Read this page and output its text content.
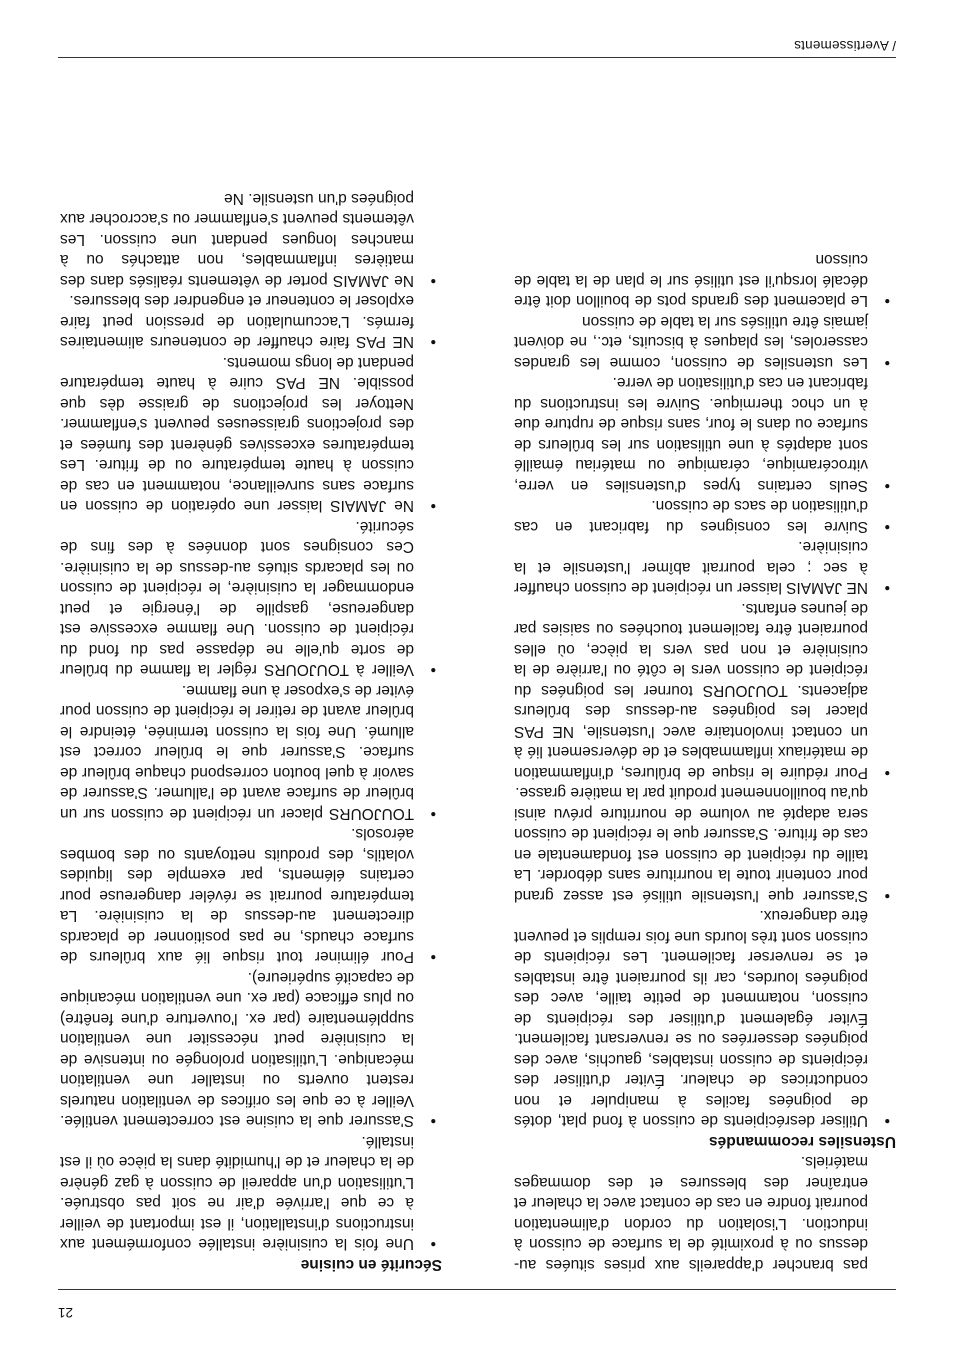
/ Avertissements
21
pas brancher d'appareils aux prises situées au-dessus ou à proximité de la surface de cuisson à induction. L'isolation du cordon d'alimentation pourrait fondre en cas de contact avec la chaleur et entraîner des blessures et des dommages matériels.
Ustensiles recommandés
• Utiliser desrécipients de cuisson à fond plat, dotés de poignées faciles à manipuler et non conductrices de chaleur. Éviter d'utiliser des récipients de cuisson instables, gauchis, avec des poignées desserrées ou se renversant facilement. Éviter également d'utiliser des récipients de cuisson, notamment de petite taille, avec des poignées lourdes, car ils pourraient être instables et se renverser facilement. Les récipients de cuisson sont très lourds une fois remplis et peuvent être dangereux.
• S'assurer que l'ustensile utilisé est assez grand pour contenir toute la nourriture sans déborder. La taille du récipient de cuisson est fondamentale en cas de friture. S'assurer que le récipient de cuisson sera adapté au volume de nourriture prévu ainsi qu'au bouillonnement produit par la matière grasse.
• Pour réduire le risque de brûlures, d'inflammation de matériaux inflammables et de déversement lié à un contact involontaire avec l'ustensile, NE PAS placer les poignées au-dessus des brûleurs adjacents. TOUJOURS tourner les poignées du récipient de cuisson vers le côté ou l'arrière de la cuisinière et non pas vers la pièce, où elles pourraient être facilement touchées ou saisies par de jeunes enfants.
• NE JAMAIS laisser un récipient de cuisson chauffer à sec ; cela pourrait abîmer l'ustensile et la cuisinière.
• Suivre les consignes du fabricant en cas d'utilisation de sacs de cuisson.
• Seuls certains types d'ustensiles en verre, vitrocéramique, céramique ou matériau émaillé sont adaptés à une utilisation sur les brûleurs de surface ou dans le four, sans risque de rupture due à un choc thermique. Suivre les instructions du fabricant en cas d'utilisation de verre.
• Les ustensiles de cuisson, comme les grandes casseroles, les plaques à biscuits, etc., ne doivent jamais être utilisés sur la table de cuisson
• Le placement des grands pots de bouillon doit être décalé lorsqu'il est utilisé sur le plan de la table de cuisson
Sécurité en cuisine
• Une fois la cuisinière installée conformément aux instructions d'installation, il est important de veiller à ce que l'arrivée d'air ne soit pas obstruée. L'utilisation d'un appareil de cuisson à gaz génère de la chaleur et de l'humidité dans la pièce où il est installé.
• S'assurer que la cuisine est correctement ventilée. Veiller à ce que les orifices de ventilation naturels restent ouverts ou installer une ventilation mécanique. L'utilisation prolongée ou intensive de la cuisinière peut nécessiter une ventilation supplémentaire (par ex. l'ouverture d'une fenêtre) ou plus efficace (par ex. une ventilation mécanique de capacité supérieure).
• Pour éliminer tout risque lié aux brûleurs de surface chauds, ne pas positionner de placards directement au-dessus de la cuisinière. La température pourrait se révéler dangereuse pour certains éléments, par exemple des liquides volatils, des produits nettoyants ou des bombes aérosols.
• TOUJOURS placer un récipient de cuisson sur un brûleur de surface avant de l'allumer. S'assurer de savoir à quel bouton correspond chaque brûleur de surface. S'assurer que le brûleur correct est allumé. Une fois la cuisson terminée, éteindre le brûleur avant de retirer le récipient de cuisson pour éviter de s'exposer à une flamme.
• Veiller à TOUJOURS régler la flamme du brûleur de sorte qu'elle ne dépasse pas du fond du récipient de cuisson. Une flamme excessive est dangereuse, gaspille de l'énergie et peut endommager la cuisinière, le récipient de cuisson ou les placards situés au-dessus de la cuisinière. Ces consignes sont données à des fins de sécurité.
• Ne JAMAIS laisser une opération de cuisson en surface sans surveillance, notamment en cas de cuisson à haute température ou de friture. Les températures excessives génèrent des fumées et des projections graisseuses peuvent s'enflammer. Nettoyer les projections de graisse dès que possible. NE PAS cuire à haute température pendant de longs moments.
• NE PAS faire chauffer de conteneurs alimentaires fermés. L'accumulation de pression peut faire exploser le conteneur et engendrer des blessures.
• Ne JAMAIS porter de vêtements réalisés dans des matières inflammables, non attachés ou à manches longues pendant une cuisson. Les vêtements peuvent s'enflammer ou s'accrocher aux poignées d'un ustensile. Ne
